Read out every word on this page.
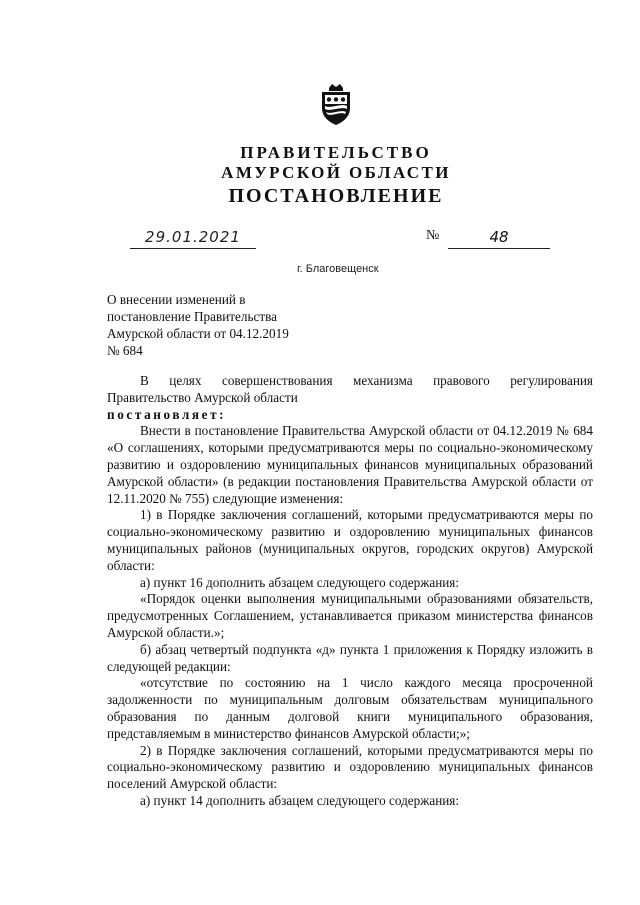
ПРАВИТЕЛЬСТВО
АМУРСКОЙ ОБЛАСТИ
ПОСТАНОВЛЕНИЕ
29.01.2021	№	48
г. Благовещенск
О внесении изменений в
постановление Правительства
Амурской области от 04.12.2019
№ 684
В целях совершенствования механизма правового регулирования Правительство Амурской области
постановляет:
Внести в постановление Правительства Амурской области от 04.12.2019 № 684 «О соглашениях, которыми предусматриваются меры по социально-экономическому развитию и оздоровлению муниципальных финансов муниципальных образований Амурской области» (в редакции постановления Правительства Амурской области от 12.11.2020 № 755) следующие изменения:
1) в Порядке заключения соглашений, которыми предусматриваются меры по социально-экономическому развитию и оздоровлению муниципальных финансов муниципальных районов (муниципальных округов, городских округов) Амурской области:
а) пункт 16 дополнить абзацем следующего содержания:
«Порядок оценки выполнения муниципальными образованиями обязательств, предусмотренных Соглашением, устанавливается приказом министерства финансов Амурской области.»;
б) абзац четвертый подпункта «д» пункта 1 приложения к Порядку изложить в следующей редакции:
«отсутствие по состоянию на 1 число каждого месяца просроченной задолженности по муниципальным долговым обязательствам муниципального образования по данным долговой книги муниципального образования, представляемым в министерство финансов Амурской области;»;
2) в Порядке заключения соглашений, которыми предусматриваются меры по социально-экономическому развитию и оздоровлению муниципальных финансов поселений Амурской области:
а) пункт 14 дополнить абзацем следующего содержания:
